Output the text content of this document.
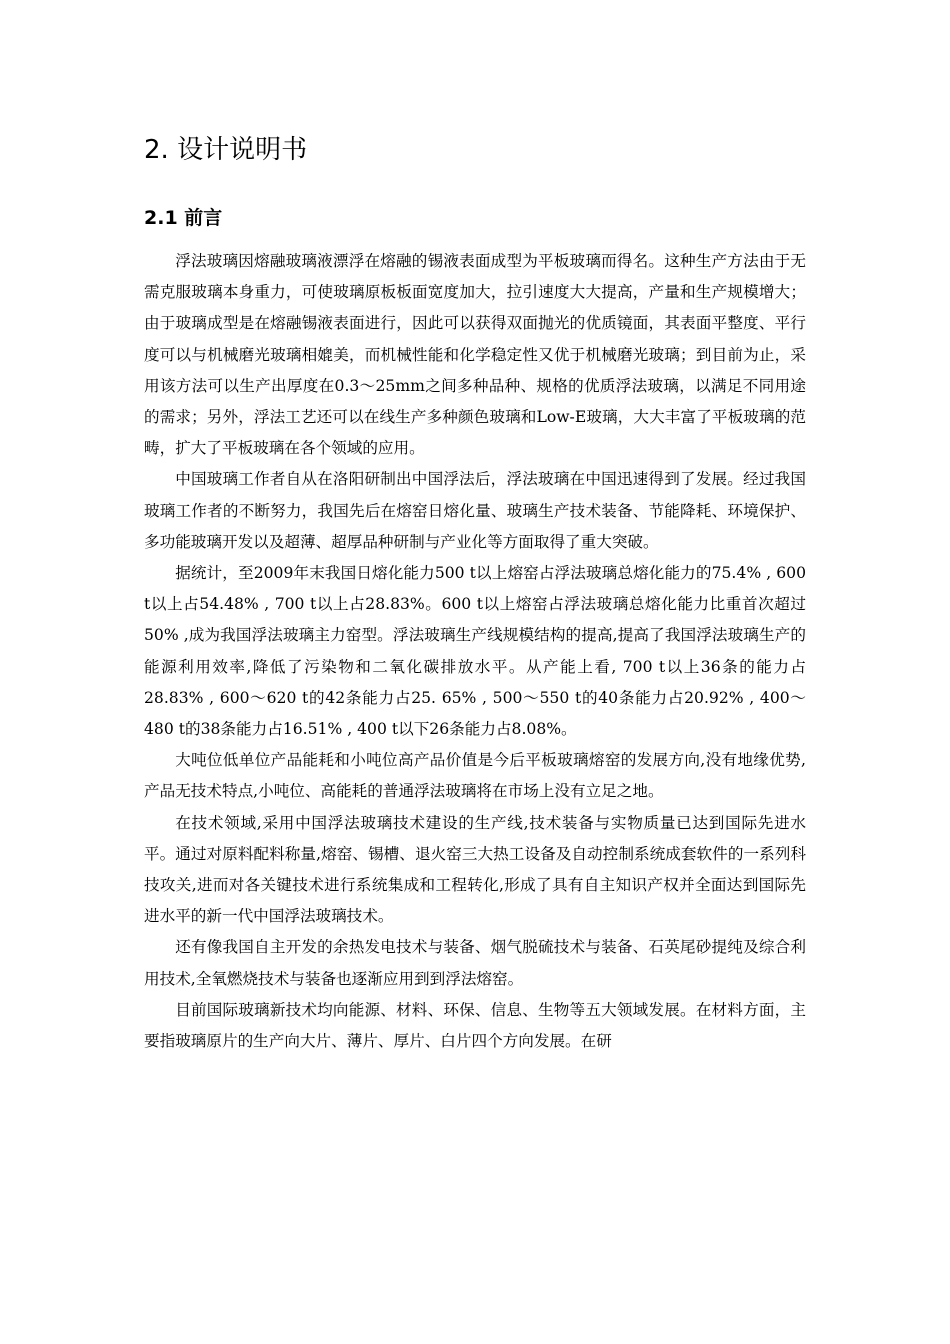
2. 设计说明书
2.1 前言

浮法玻璃因熔融玻璃液漂浮在熔融的锡液表面成型为平板玻璃而得名。这种生产方法由于无需克服玻璃本身重力，可使玻璃原板板面宽度加大，拉引速度大大提高，产量和生产规模增大；由于玻璃成型是在熔融锡液表面进行，因此可以获得双面抛光的优质镜面，其表面平整度、平行度可以与机械磨光玻璃相媲美，而机械性能和化学稳定性又优于机械磨光玻璃；到目前为止，采用该方法可以生产出厚度在0.3～25mm之间多种品种、规格的优质浮法玻璃，以满足不同用途的需求；另外，浮法工艺还可以在线生产多种颜色玻璃和Low-E玻璃，大大丰富了平板玻璃的范畴，扩大了平板玻璃在各个领域的应用。

中国玻璃工作者自从在洛阳研制出中国浮法后，浮法玻璃在中国迅速得到了发展。经过我国玻璃工作者的不断努力，我国先后在熔窑日熔化量、玻璃生产技术装备、节能降耗、环境保护、多功能玻璃开发以及超薄、超厚品种研制与产业化等方面取得了重大突破。

据统计，至2009年末我国日熔化能力500 t以上熔窑占浮法玻璃总熔化能力的75.4% , 600 t以上占54.48% , 700 t以上占28.83%。600 t以上熔窑占浮法玻璃总熔化能力比重首次超过50% ,成为我国浮法玻璃主力窑型。浮法玻璃生产线规模结构的提高,提高了我国浮法玻璃生产的能源利用效率,降低了污染物和二氧化碳排放水平。从产能上看, 700 t以上36条的能力占28.83% , 600～620 t的42条能力占25. 65% , 500～550 t的40条能力占20.92% , 400～480 t的38条能力占16.51% , 400 t以下26条能力占8.08%。

大吨位低单位产品能耗和小吨位高产品价值是今后平板玻璃熔窑的发展方向,没有地缘优势,产品无技术特点,小吨位、高能耗的普通浮法玻璃将在市场上没有立足之地。

在技术领域,采用中国浮法玻璃技术建设的生产线,技术装备与实物质量已达到国际先进水平。通过对原料配料称量,熔窑、锡槽、退火窑三大热工设备及自动控制系统成套软件的一系列科技攻关,进而对各关键技术进行系统集成和工程转化,形成了具有自主知识产权并全面达到国际先进水平的新一代中国浮法玻璃技术。

还有像我国自主开发的余热发电技术与装备、烟气脱硫技术与装备、石英尾砂提纯及综合利用技术,全氧燃烧技术与装备也逐渐应用到到浮法熔窑。

目前国际玻璃新技术均向能源、材料、环保、信息、生物等五大领域发展。在材料方面，主要指玻璃原片的生产向大片、薄片、厚片、白片四个方向发展。在研
